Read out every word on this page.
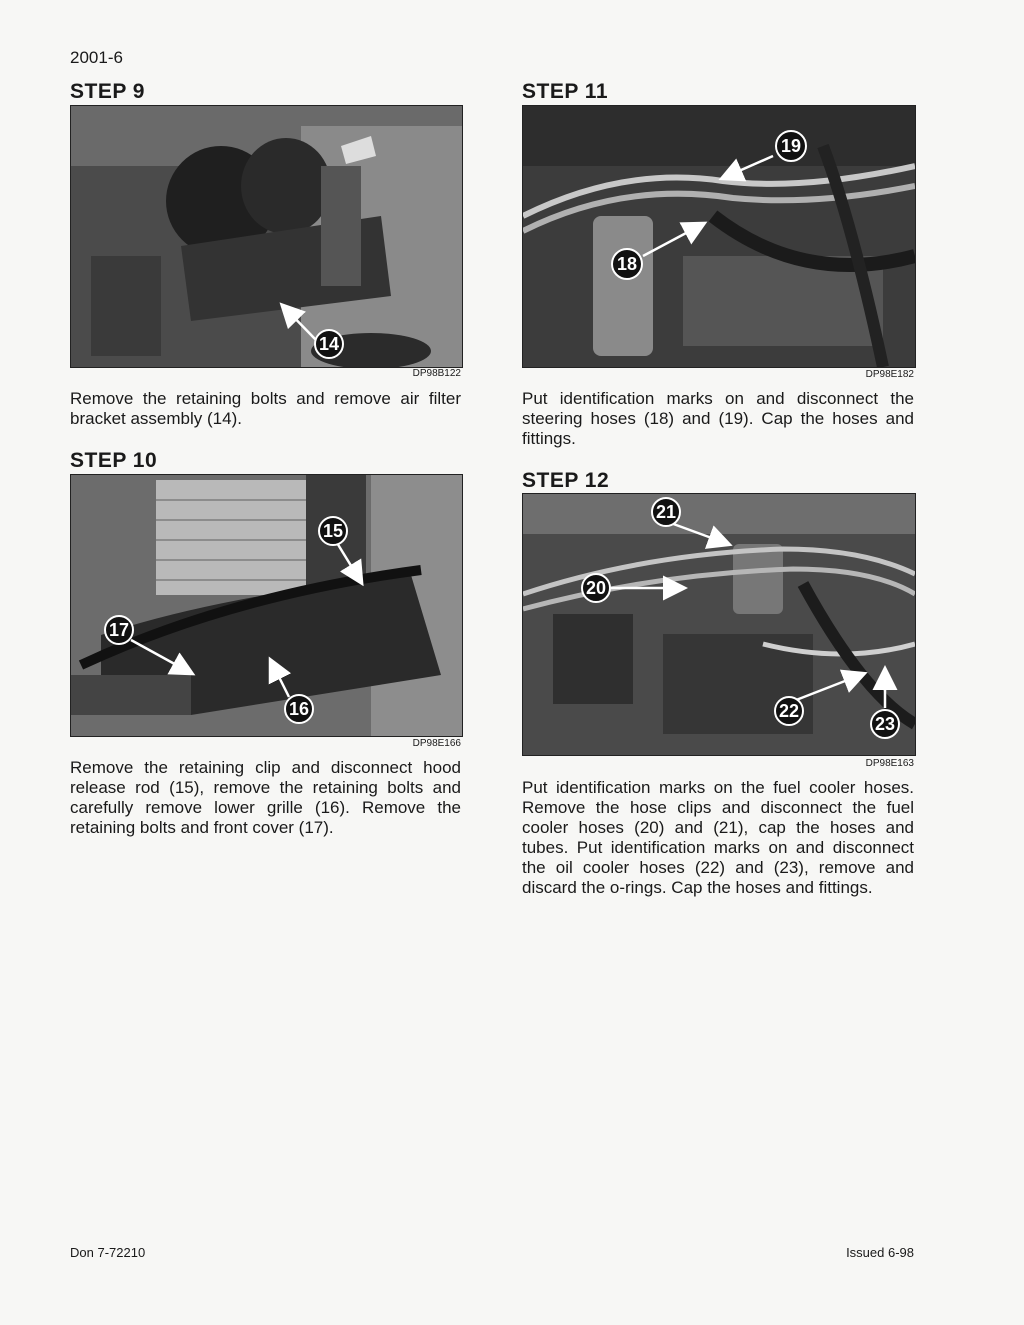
2001-6
STEP 9
14
DP98B122
Remove the retaining bolts and remove air filter bracket assembly (14).
STEP 10
15
17
16
DP98E166
Remove the retaining clip and disconnect hood release rod (15), remove the retaining bolts and carefully remove lower grille (16). Remove the retaining bolts and front cover (17).
STEP 11
19
18
DP98E182
Put identification marks on and disconnect the steering hoses (18) and (19). Cap the hoses and fittings.
STEP 12
21
20
22
23
DP98E163
Put identification marks on the fuel cooler hoses. Remove the hose clips and disconnect the fuel cooler hoses (20) and (21), cap the hoses and tubes. Put identification marks on and disconnect the oil cooler hoses (22) and (23), remove and discard the o-rings. Cap the hoses and fittings.
Don 7-72210	Issued 6-98
